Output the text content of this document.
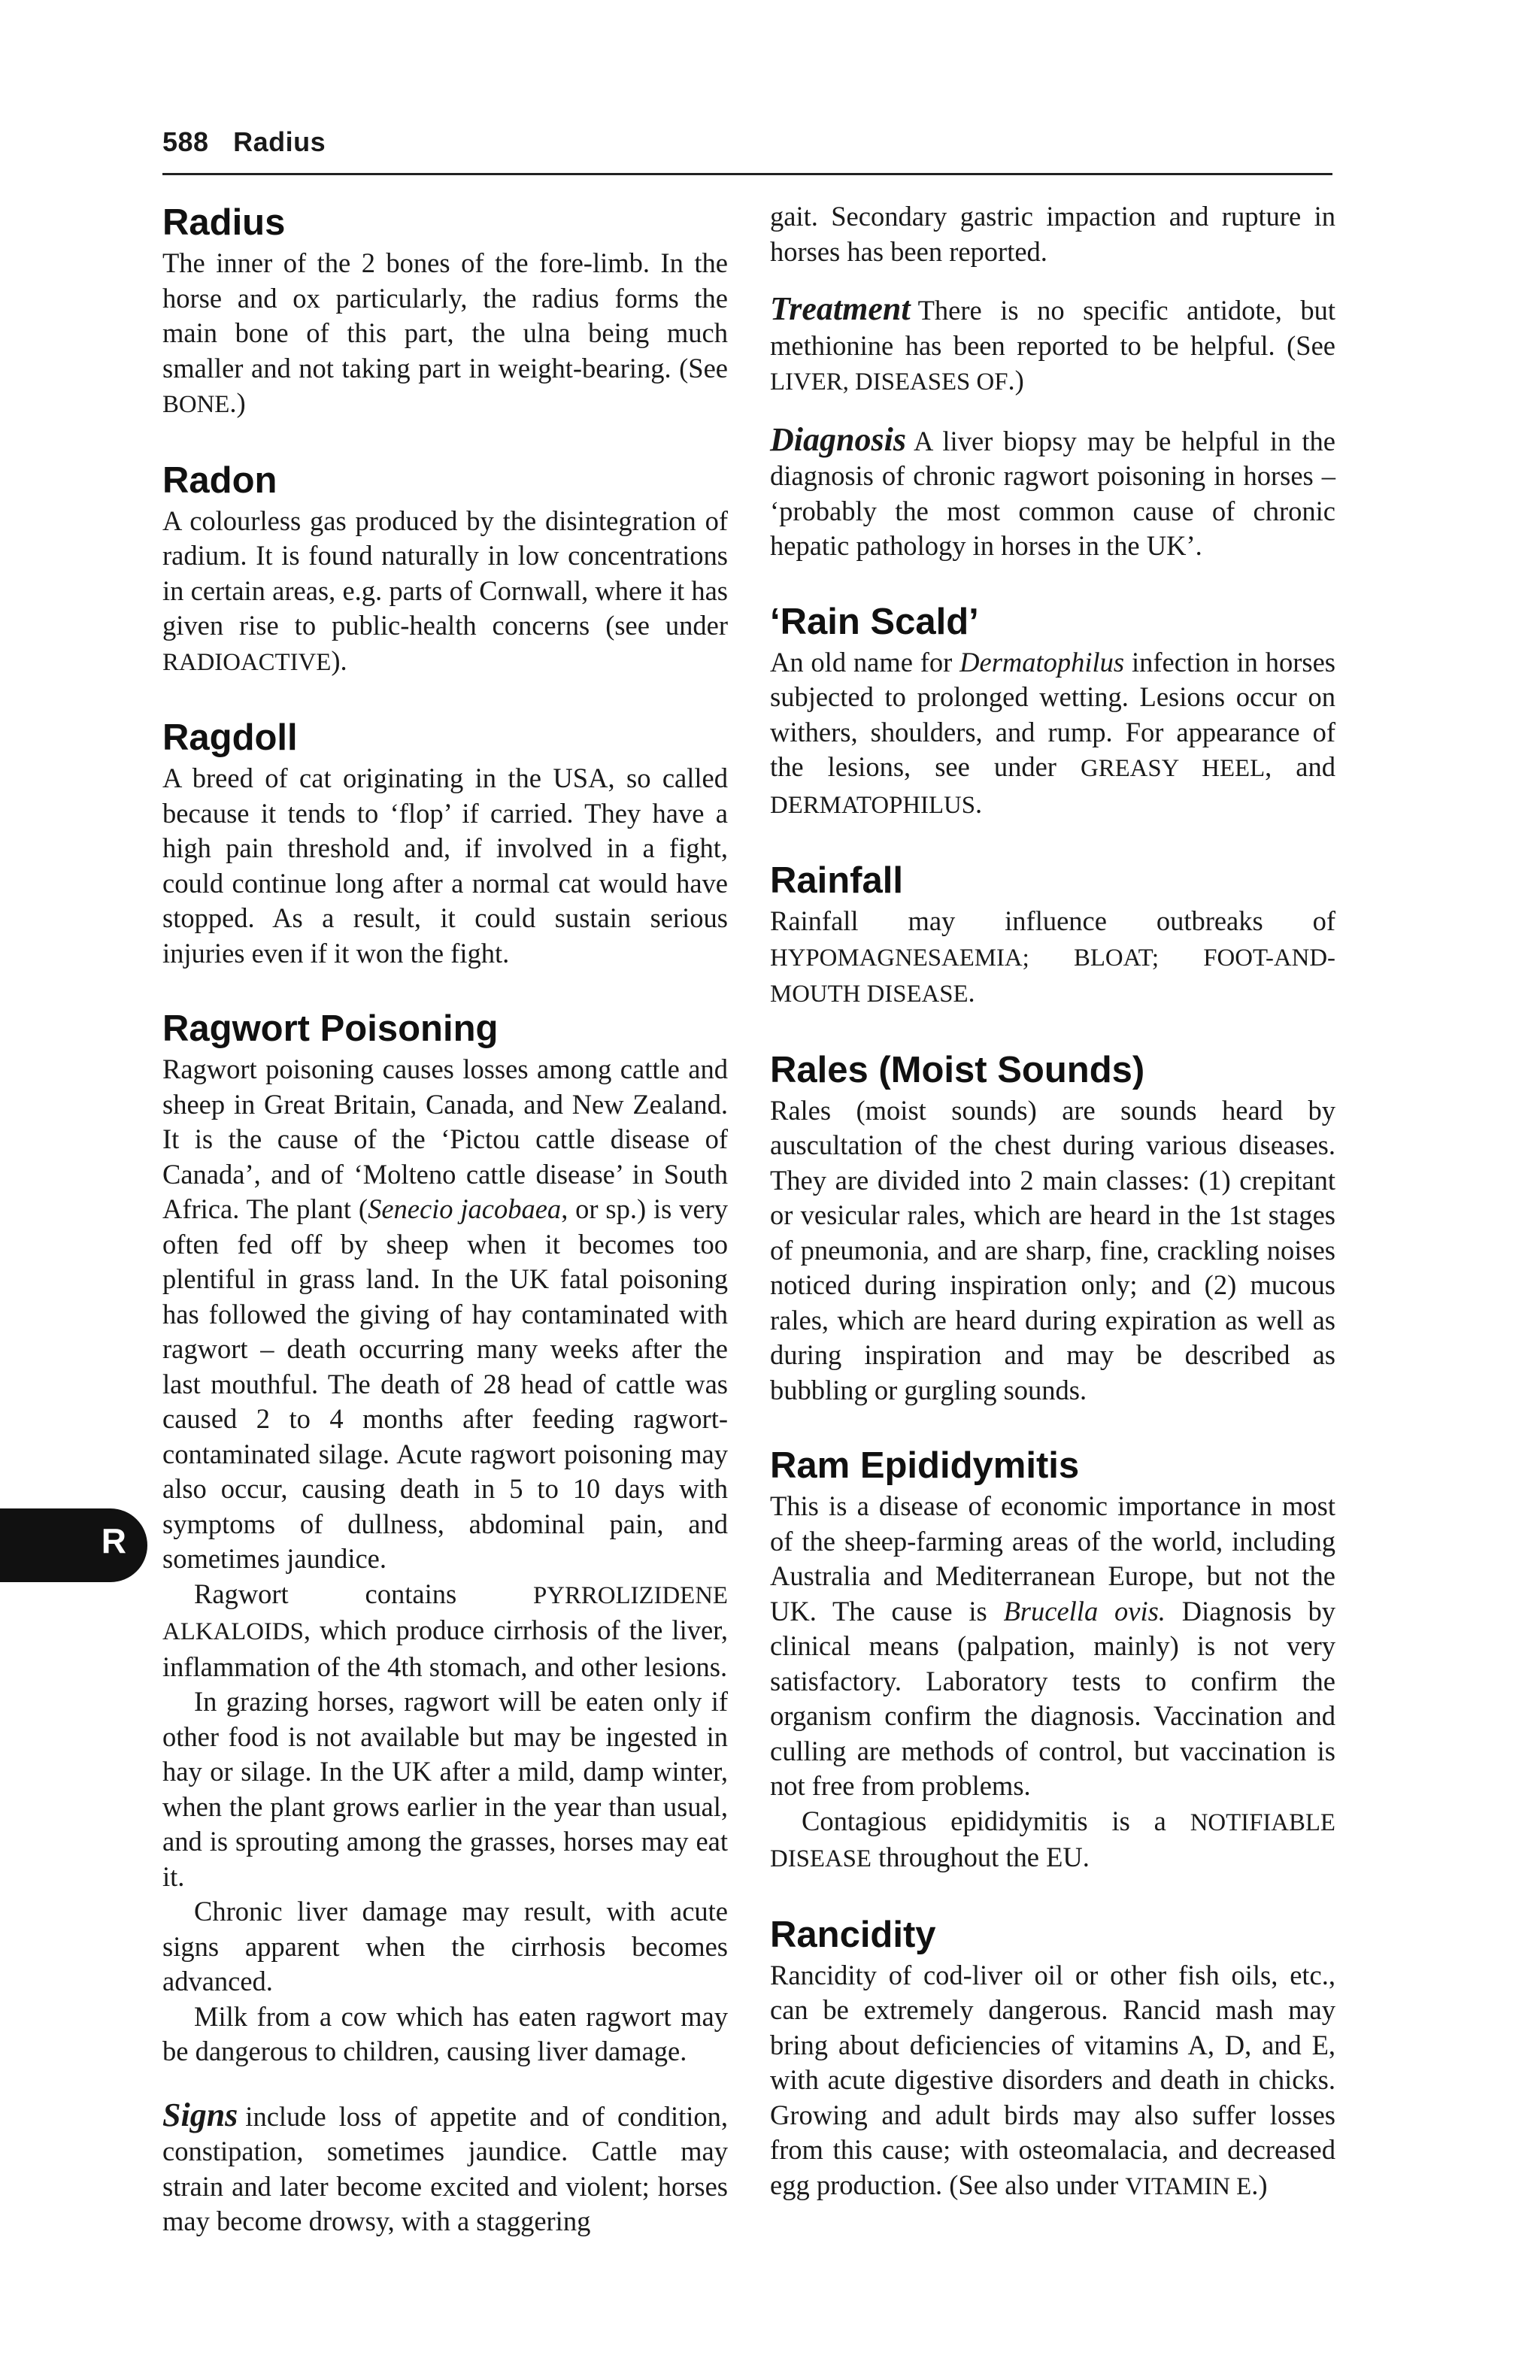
588 Radius
R
Radius

The inner of the 2 bones of the fore-limb. In the horse and ox particularly, the radius forms the main bone of this part, the ulna being much smaller and not taking part in weight-bearing. (See BONE.)

Radon

A colourless gas produced by the disintegration of radium. It is found naturally in low concentrations in certain areas, e.g. parts of Cornwall, where it has given rise to public-health concerns (see under RADIOACTIVE).

Ragdoll

A breed of cat originating in the USA, so called because it tends to ‘flop’ if carried. They have a high pain threshold and, if involved in a fight, could continue long after a normal cat would have stopped. As a result, it could sustain serious injuries even if it won the fight.

Ragwort Poisoning

Ragwort poisoning causes losses among cattle and sheep in Great Britain, Canada, and New Zealand. It is the cause of the ‘Pictou cattle disease of Canada’, and of ‘Molteno cattle disease’ in South Africa. The plant (Senecio jacobaea, or sp.) is very often fed off by sheep when it becomes too plentiful in grass land. In the UK fatal poisoning has followed the giving of hay contaminated with ragwort – death occurring many weeks after the last mouthful. The death of 28 head of cattle was caused 2 to 4 months after feeding ragwort-contaminated silage. Acute ragwort poisoning may also occur, causing death in 5 to 10 days with symptoms of dullness, abdominal pain, and sometimes jaundice.

Ragwort contains PYRROLIZIDENE ALKALOIDS, which produce cirrhosis of the liver, inflammation of the 4th stomach, and other lesions.

In grazing horses, ragwort will be eaten only if other food is not available but may be ingested in hay or silage. In the UK after a mild, damp winter, when the plant grows earlier in the year than usual, and is sprouting among the grasses, horses may eat it.

Chronic liver damage may result, with acute signs apparent when the cirrhosis becomes advanced.

Milk from a cow which has eaten ragwort may be dangerous to children, causing liver damage.

Signs include loss of appetite and of condition, constipation, sometimes jaundice. Cattle may strain and later become excited and violent; horses may become drowsy, with a staggering

gait. Secondary gastric impaction and rupture in horses has been reported.

Treatment There is no specific antidote, but methionine has been reported to be helpful. (See LIVER, DISEASES OF.)

Diagnosis A liver biopsy may be helpful in the diagnosis of chronic ragwort poisoning in horses – ‘probably the most common cause of chronic hepatic pathology in horses in the UK’.

‘Rain Scald’

An old name for Dermatophilus infection in horses subjected to prolonged wetting. Lesions occur on withers, shoulders, and rump. For appearance of the lesions, see under GREASY HEEL, and DERMATOPHILUS.

Rainfall

Rainfall may influence outbreaks of HYPOMAGNESAEMIA; BLOAT; FOOT-AND-MOUTH DISEASE.

Rales (Moist Sounds)

Rales (moist sounds) are sounds heard by auscultation of the chest during various diseases. They are divided into 2 main classes: (1) crepitant or vesicular rales, which are heard in the 1st stages of pneumonia, and are sharp, fine, crackling noises noticed during inspiration only; and (2) mucous rales, which are heard during expiration as well as during inspiration and may be described as bubbling or gurgling sounds.

Ram Epididymitis

This is a disease of economic importance in most of the sheep-farming areas of the world, including Australia and Mediterranean Europe, but not the UK. The cause is Brucella ovis. Diagnosis by clinical means (palpation, mainly) is not very satisfactory. Laboratory tests to confirm the organism confirm the diagnosis. Vaccination and culling are methods of control, but vaccination is not free from problems.

Contagious epididymitis is a NOTIFIABLE DISEASE throughout the EU.

Rancidity

Rancidity of cod-liver oil or other fish oils, etc., can be extremely dangerous. Rancid mash may bring about deficiencies of vitamins A, D, and E, with acute digestive disorders and death in chicks. Growing and adult birds may also suffer losses from this cause; with osteomalacia, and decreased egg production. (See also under VITAMIN E.)
